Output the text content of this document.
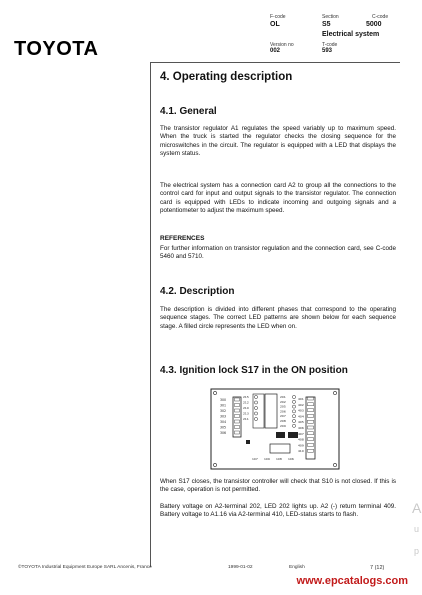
TOYOTA
F-code
OL
Section
S5
C-code
5000
Electrical system
Version no
002
T-code
593
4. Operating description
4.1. General
The transistor regulator A1 regulates the speed variably up to maximum speed. When the truck is started the regulator checks the closing sequence for the microswitches in the circuit. The regulator is equipped with a LED that displays the system status.
The electrical system has a connection card A2 to group all the connections to the control card for input and output signals to the transistor regulator. The connection card is equipped with LEDs to indicate incoming and outgoing signals and a potentiometer to adjust the maximum speed.
REFERENCES
For further information on transistor regulation and the connection card, see C-code 5460 and 5710.
4.2. Description
The description is divided into different phases that correspond to the operating sequence stages. The correct LED patterns are shown below for each sequence stage. A filled circle represents the LED when on.
4.3. Ignition lock S17 in the ON position
300
301
302
303
304
305
306
215
212
210
213
211
201
202
205
206
207
208
209
401
402
403
404
405
406
407
408
409
410
107 109 108 106
When S17 closes, the transistor controller will check that S10 is not closed. If this is the case, operation is not permitted.
Battery voltage on A2-terminal 202, LED 202 lights up. A2 (-) return terminal 409. Battery voltage to A1.16 via A2-terminal 410, LED-status starts to flash.	A
u
p
©TOYOTA Industrial Equipment Europe SARL Ancenis, France	1999-01-02	English	7 (12)
www.epcatalogs.com
